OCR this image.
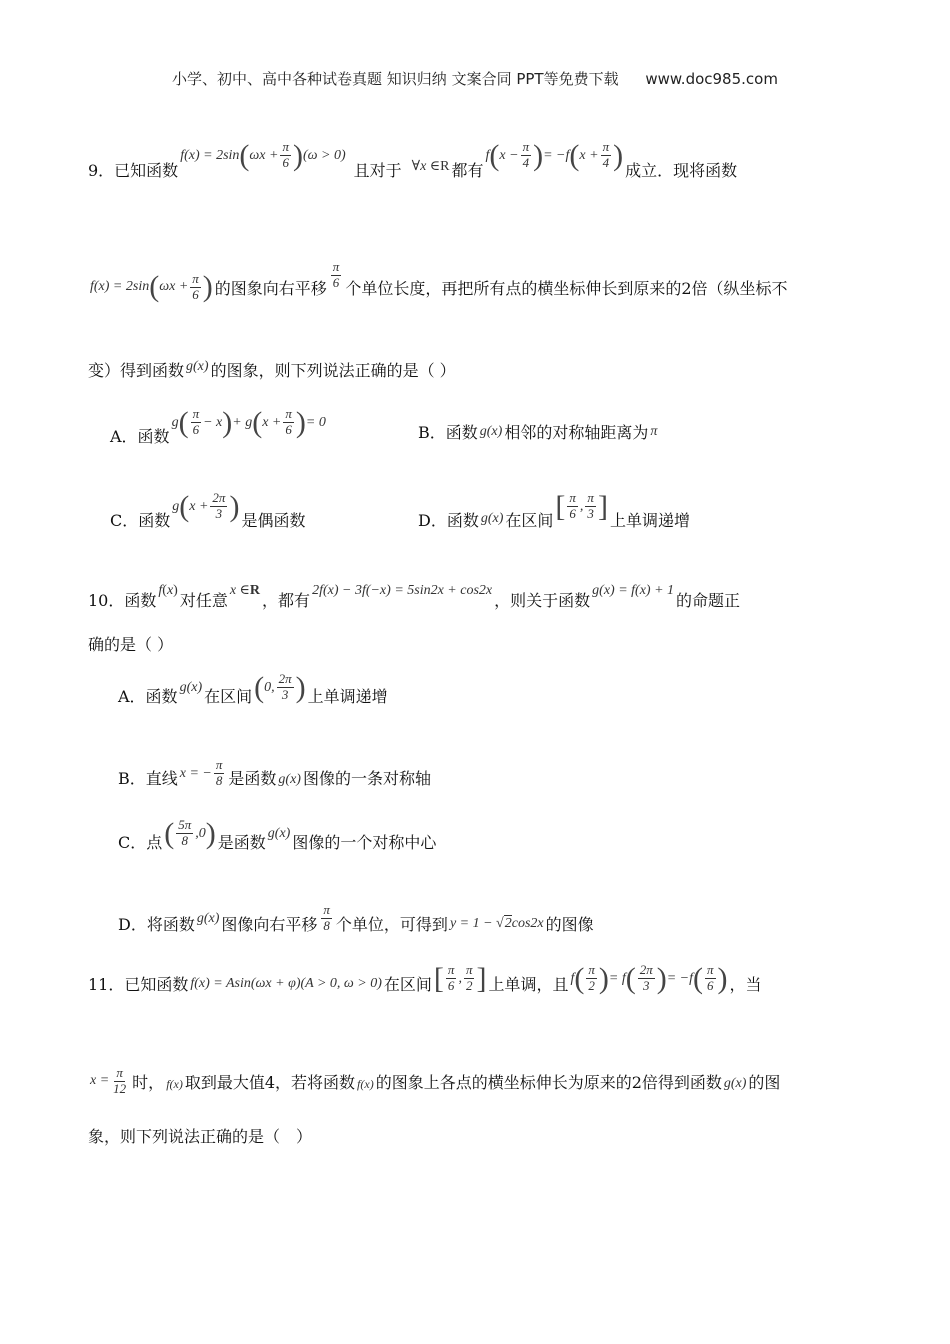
小学、初中、高中各种试卷真题 知识归纳 文案合同 PPT等免费下载 www.doc985.com
9．已知函数
f(x) = 2sin ( $\omega x + \frac{\pi}{6}$ ) (ω > 0)
且对于 ∀x ∈ R 都有
f ( $x - \frac{\pi}{4}$ ) = −f ( $x + \frac{\pi}{4}$ ) 成立．现将函数
f(x) = 2sin ( $\omega x + \frac{\pi}{6}$ ) 的图象向右平移 $\frac{\pi}{6}$ 个单位长度，再把所有点的横坐标伸长到原来的2倍（纵坐标不
变）得到函数 g(x) 的图象，则下列说法正确的是（ ）
A．函数
g ( $\frac{\pi}{6} - x$ ) + g ( $x + \frac{\pi}{6}$ ) = 0
B．函数 g(x) 相邻的对称轴距离为 π
C．函数
g ( $x + \frac{2\pi}{3}$ ) 是偶函数	D．函数 g(x) 在区间 [ $\frac{\pi}{6}$ , $\frac{\pi}{3}$ ] 上单调递增
10．函数
f ( x )
对任意
x ∈ R
，都有
2f(x) − 3f(−x) = 5sin2x + cos2x
，则关于函数
g(x) = f(x) + 1
的命题正
确的是（ ）
A．函数 g(x) 在区间 ( 0, $\frac{2\pi}{3}$ ) 上单调递增
B．直线 x = − $\frac{\pi}{8}$ 是函数 g(x) 图像的一条对称轴
C．点 ( $\frac{5\pi}{8} ,0$ ) 是函数 g(x) 图像的一个对称中心
D．将函数 g(x) 图像向右平移 $\frac{\pi}{8}$ 个单位，可得到 y = 1 − √ 2 cos2x 的图像
11．已知函数 f(x) = Asin(ωx + φ)(A > 0, ω > 0) 在区间 [ $\frac{\pi}{6}$ , $\frac{\pi}{2}$ ] 上单调，且 f ( $\frac{\pi}{2}$ ) = f ( $\frac{2\pi}{3}$ ) = −f ( $\frac{\pi}{6}$ ) ，当
$x = \frac{\pi}{12}$ 时， f(x) 取到最大值4，若将函数 f(x) 的图象上各点的横坐标伸长为原来的2倍得到函数 g(x) 的图
象，则下列说法正确的是（　）
